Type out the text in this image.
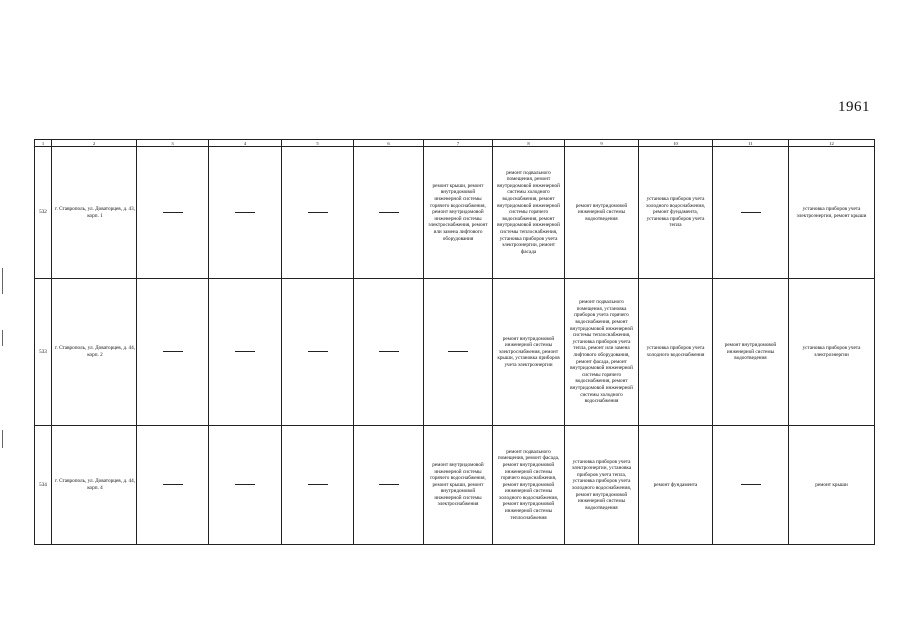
1961
1	2	3	4	5	6	7	8	9	10	11	12
532	г. Ставрополь, ул. Доваторцев, д. 43, корп. 1					ремонт крыши, ремонт внутридомовой инженерной системы горячего водоснабжения, ремонт внутридомовой инженерной системы электроснабжения, ремонт или замена лифтового оборудования	ремонт подвального помещения, ремонт внутридомовой инженерной системы холодного водоснабжения, ремонт внутридомовой инженерной системы горячего водоснабжения, ремонт внутридомовой инженерной системы теплоснабжения, установка приборов учета электроэнергии, ремонт фасада	ремонт внутридомовой инженерной системы водоотведения	установка приборов учета холодного водоснабжения, ремонт фундамента, установка приборов учета тепла		установка приборов учета электроэнергии, ремонт крыши

533	г. Ставрополь, ул. Доваторцев, д. 44, корп. 2						ремонт внутридомовой инженерной системы электроснабжения, ремонт крыши, установка приборов учета электроэнергии	ремонт подвального помещения, установка приборов учета горячего водоснабжения, ремонт внутридомовой инженерной системы теплоснабжения, установка приборов учета тепла, ремонт или замена лифтового оборудования, ремонт фасада, ремонт внутридомовой инженерной системы горячего водоснабжения, ремонт внутридомовой инженерной системы холодного водоснабжения	установка приборов учета холодного водоснабжения	ремонт внутридомовой инженерной системы водоотведения	установка приборов учета электроэнергии

534	г. Ставрополь, ул. Доваторцев, д. 44, корп. 4					ремонт внутридомовой инженерной системы горячего водоснабжения, ремонт крыши, ремонт внутридомовой инженерной системы электроснабжения	ремонт подвального помещения, ремонт фасада, ремонт внутридомовой инженерной системы горячего водоснабжения, ремонт внутридомовой инженерной системы холодного водоснабжения, ремонт внутридомовой инженерной системы теплоснабжения	установка приборов учета электроэнергии, установка приборов учета тепла, установка приборов учета холодного водоснабжения, ремонт внутридомовой инженерной системы водоотведения	ремонт фундамента		ремонт крыши
